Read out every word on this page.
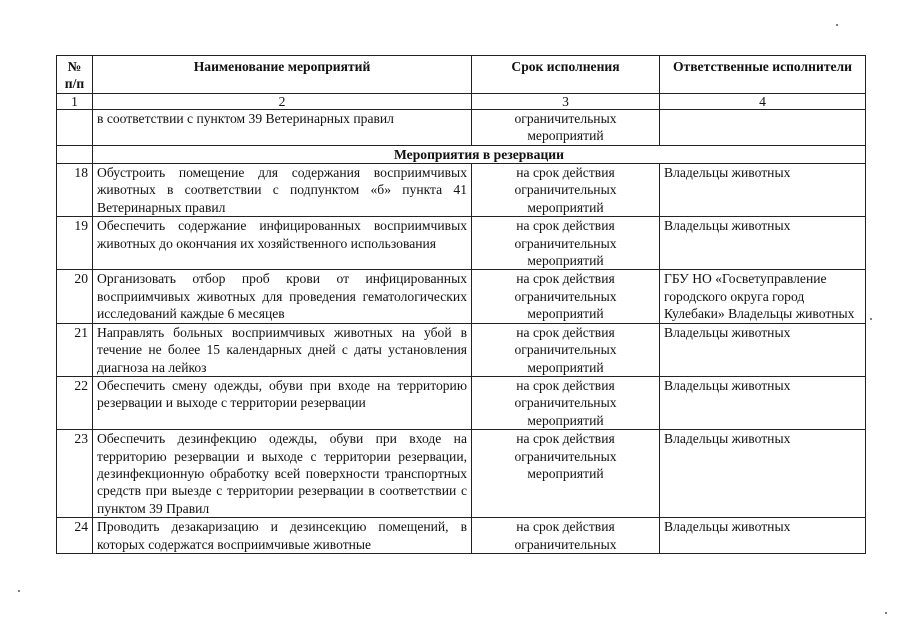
№ п/п	Наименование мероприятий	Срок исполнения	Ответственные исполнители
1	2	3	4
	в соответствии с пунктом 39 Ветеринарных правил	ограничительных мероприятий	
	Мероприятия в резервации		
18	Обустроить помещение для содержания восприимчивых животных в соответствии с подпунктом «б» пункта 41 Ветеринарных правил	на срок действия ограничительных мероприятий	Владельцы животных
19	Обеспечить содержание инфицированных восприимчивых животных до окончания их хозяйственного использования	на срок действия ограничительных мероприятий	Владельцы животных
20	Организовать отбор проб крови от инфицированных восприимчивых животных для проведения гематологических исследований каждые 6 месяцев	на срок действия ограничительных мероприятий	ГБУ НО «Госветуправление городского округа город Кулебаки» Владельцы животных
21	Направлять больных восприимчивых животных на убой в течение не более 15 календарных дней с даты установления диагноза на лейкоз	на срок действия ограничительных мероприятий	Владельцы животных
22	Обеспечить смену одежды, обуви при входе на территорию резервации и выходе с территории резервации	на срок действия ограничительных мероприятий	Владельцы животных
23	Обеспечить дезинфекцию одежды, обуви при входе на территорию резервации и выходе с территории резервации, дезинфекционную обработку всей поверхности транспортных средств при выезде с территории резервации в соответствии с пунктом 39 Правил	на срок действия ограничительных мероприятий	Владельцы животных
24	Проводить дезакаризацию и дезинсекцию помещений, в которых содержатся восприимчивые животные	на срок действия ограничительных	Владельцы животных
